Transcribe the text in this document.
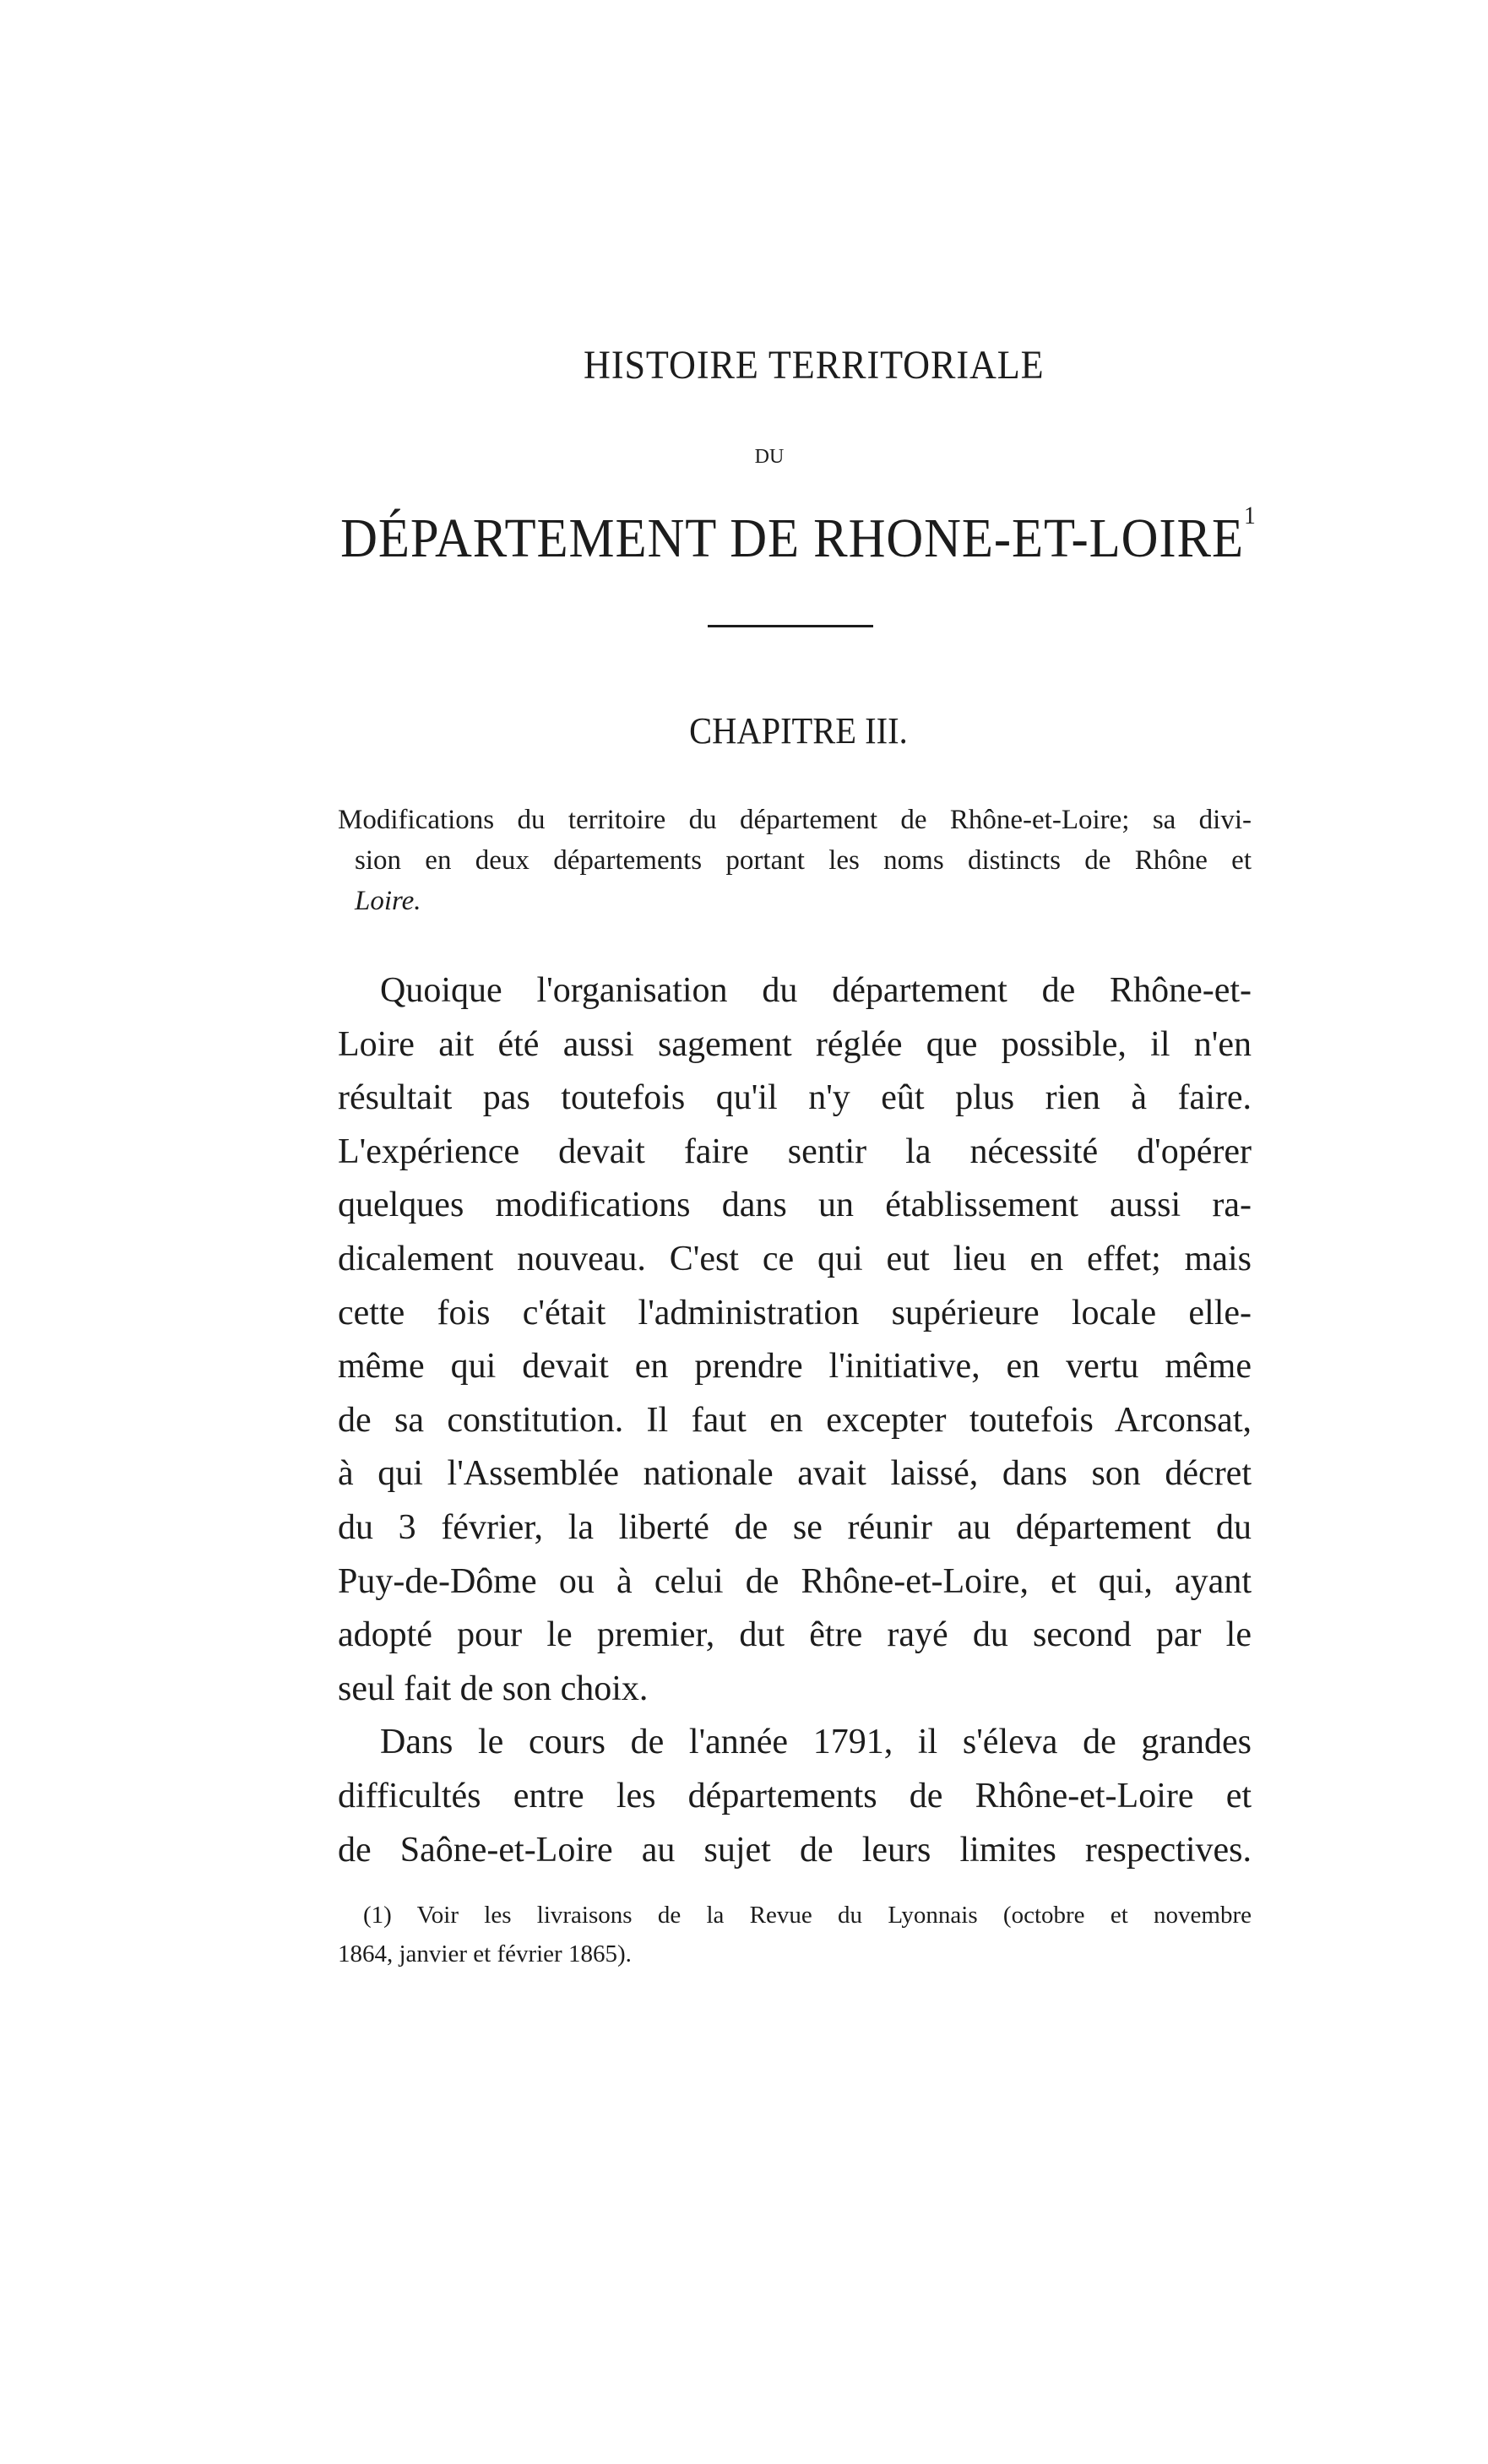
HISTOIRE TERRITORIALE
DU
DÉPARTEMENT DE RHONE-ET-LOIRE$^1$
CHAPITRE III.
Modifications du territoire du département de Rhône-et-Loire; sa divi-
sion en deux départements portant les noms distincts de Rhône et
Loire.
Quoique l'organisation du département de Rhône-et-
Loire ait été aussi sagement réglée que possible, il n'en
résultait pas toutefois qu'il n'y eût plus rien à faire.
L'expérience devait faire sentir la nécessité d'opérer
quelques modifications dans un établissement aussi ra-
dicalement nouveau. C'est ce qui eut lieu en effet; mais
cette fois c'était l'administration supérieure locale elle-
même qui devait en prendre l'initiative, en vertu même
de sa constitution. Il faut en excepter toutefois Arconsat,
à qui l'Assemblée nationale avait laissé, dans son décret
du 3 février, la liberté de se réunir au département du
Puy-de-Dôme ou à celui de Rhône-et-Loire, et qui, ayant
adopté pour le premier, dut être rayé du second par le
seul fait de son choix.
Dans le cours de l'année 1791, il s'éleva de grandes
difficultés entre les départements de Rhône-et-Loire et
de Saône-et-Loire au sujet de leurs limites respectives.
(1) Voir les livraisons de la Revue du Lyonnais (octobre et novembre
1864, janvier et février 1865).
